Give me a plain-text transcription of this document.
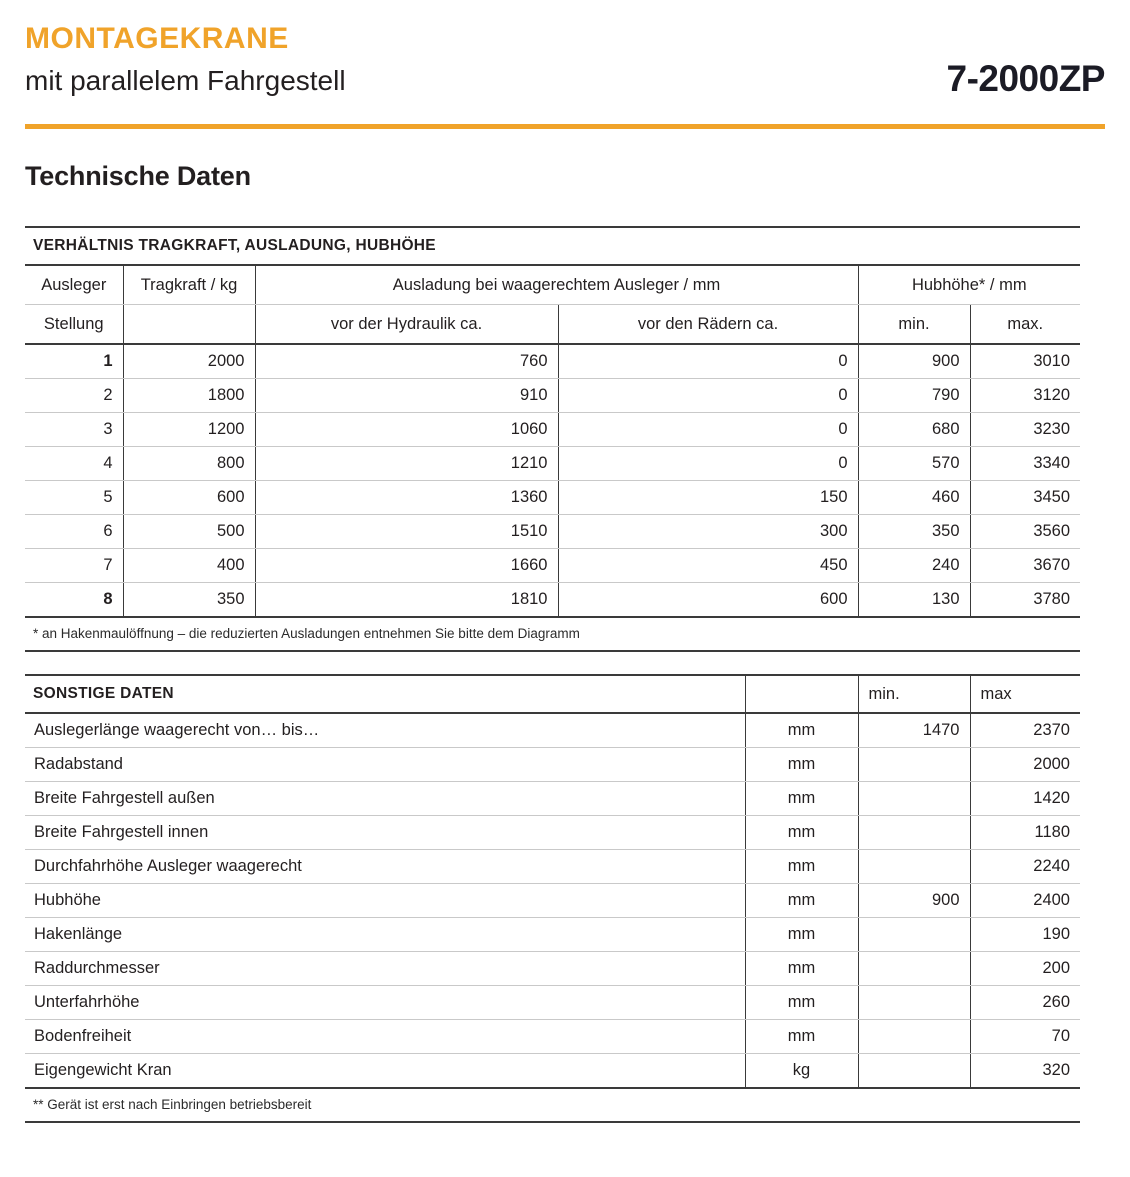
MONTAGEKRANE
mit parallelem Fahrgestell	7-2000ZP
Technische Daten
VERHÄLTNIS TRAGKRAFT, AUSLADUNG, HUBHÖHE					
Ausleger	Tragkraft / kg	Ausladung bei waagerechtem Ausleger / mm		Hubhöhe* / mm	
Stellung		vor der Hydraulik ca.	vor den Rädern ca.	min.	max.
1	2000	760	0	900	3010
2	1800	910	0	790	3120
3	1200	1060	0	680	3230
4	800	1210	0	570	3340
5	600	1360	150	460	3450
6	500	1510	300	350	3560
7	400	1660	450	240	3670
8	350	1810	600	130	3780
* an Hakenmaulöffnung – die reduzierten Ausladungen entnehmen Sie bitte dem Diagramm					
SONSTIGE DATEN		min.	max
Auslegerlänge waagerecht von… bis…	mm	1470	2370
Radabstand	mm		2000
Breite Fahrgestell außen	mm		1420
Breite Fahrgestell innen	mm		1180
Durchfahrhöhe Ausleger waagerecht	mm		2240
Hubhöhe	mm	900	2400
Hakenlänge	mm		190
Raddurchmesser	mm		200
Unterfahrhöhe	mm		260
Bodenfreiheit	mm		70
Eigengewicht Kran	kg		320
** Gerät ist erst nach Einbringen betriebsbereit			
